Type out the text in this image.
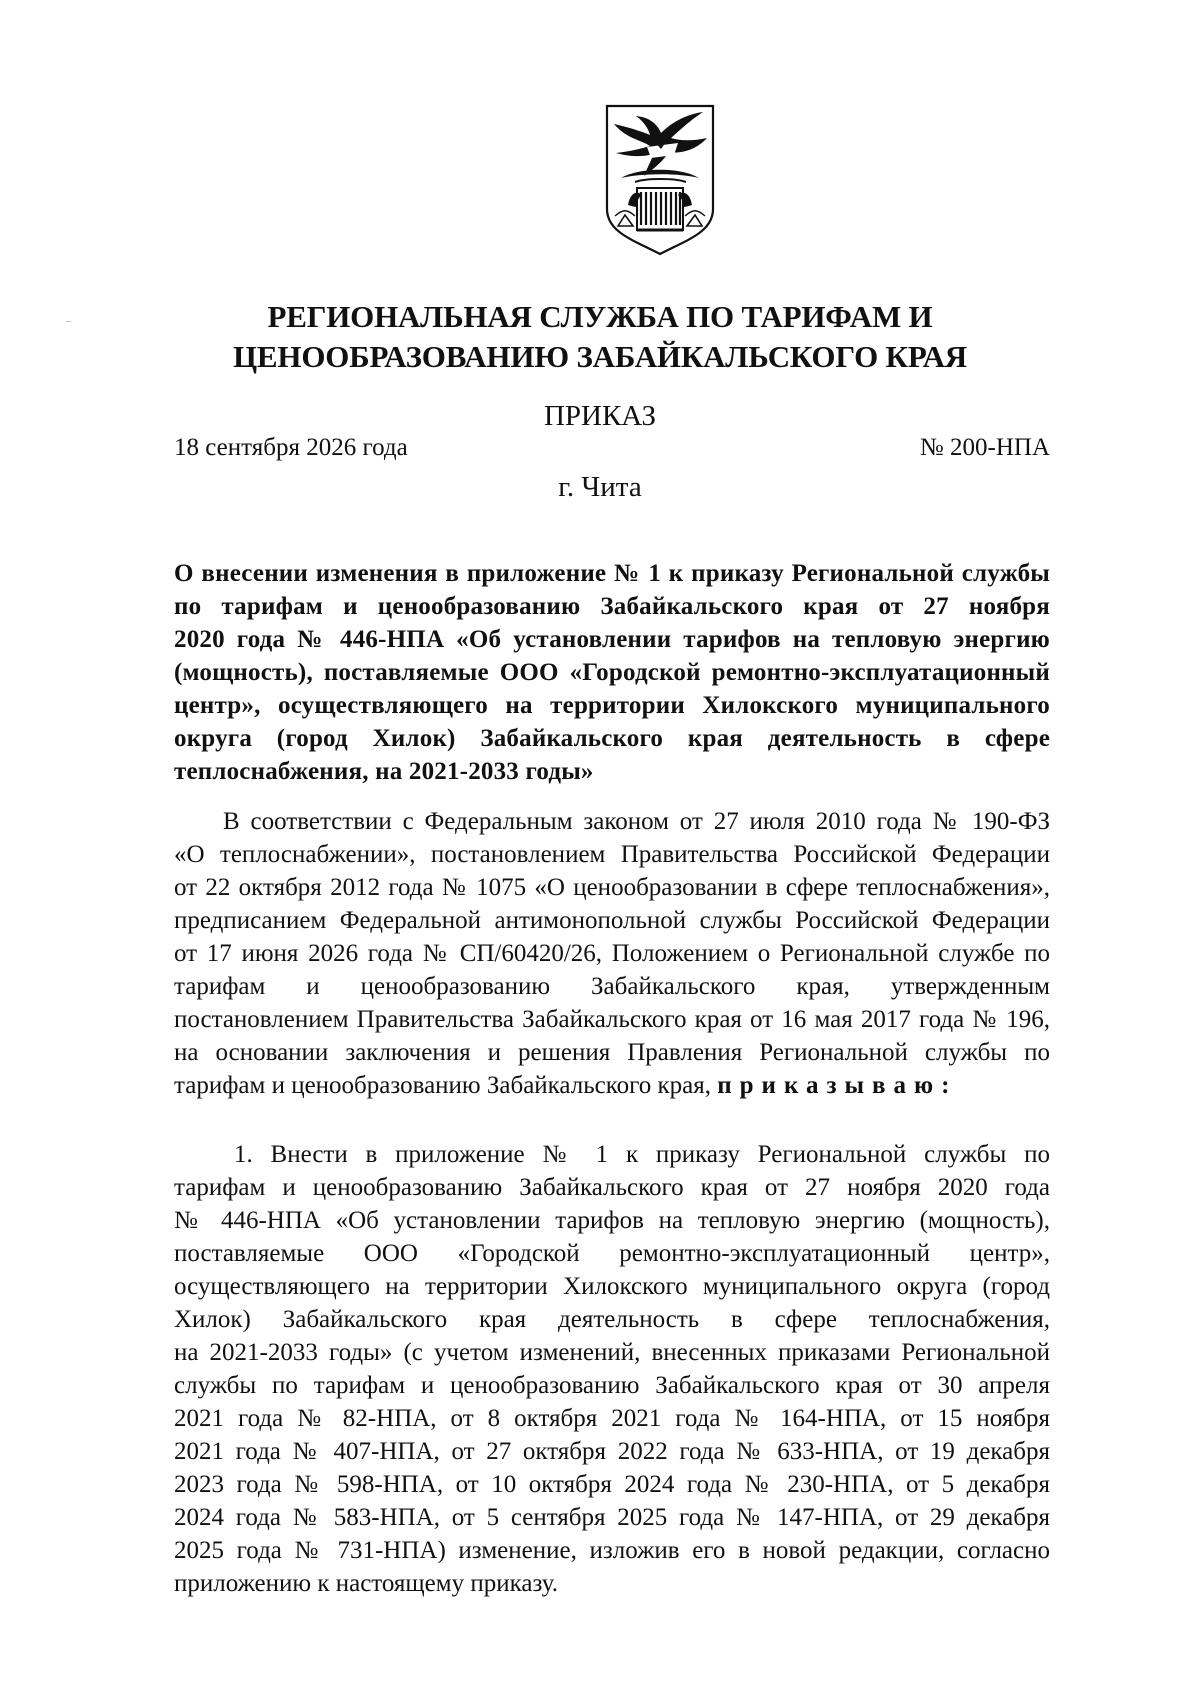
РЕГИОНАЛЬНАЯ СЛУЖБА ПО ТАРИФАМ И
ЦЕНООБРАЗОВАНИЮ ЗАБАЙКАЛЬСКОГО КРАЯ
ПРИКАЗ
18 сентября 2026 года	№ 200-НПА
г. Чита
О внесении изменения в приложение № 1 к приказу Региональной службы
по тарифам и ценообразованию Забайкальского края от 27 ноября
2020 года № 446-НПА «Об установлении тарифов на тепловую энергию
(мощность), поставляемые ООО «Городской ремонтно-эксплуатационный
центр», осуществляющего на территории Хилокского муниципального
округа (город Хилок) Забайкальского края деятельность в сфере
теплоснабжения, на 2021-2033 годы»
В соответствии с Федеральным законом от 27 июля 2010 года № 190-ФЗ
«О теплоснабжении», постановлением Правительства Российской Федерации
от 22 октября 2012 года № 1075 «О ценообразовании в сфере теплоснабжения»,
предписанием Федеральной антимонопольной службы Российской Федерации
от 17 июня 2026 года № СП/60420/26, Положением о Региональной службе по
тарифам и ценообразованию Забайкальского края, утвержденным
постановлением Правительства Забайкальского края от 16 мая 2017 года № 196,
на основании заключения и решения Правления Региональной службы по
тарифам и ценообразованию Забайкальского края, приказываю:
1. Внести в приложение № 1 к приказу Региональной службы по
тарифам и ценообразованию Забайкальского края от 27 ноября 2020 года
№ 446-НПА «Об установлении тарифов на тепловую энергию (мощность),
поставляемые ООО «Городской ремонтно-эксплуатационный центр»,
осуществляющего на территории Хилокского муниципального округа (город
Хилок) Забайкальского края деятельность в сфере теплоснабжения,
на 2021-2033 годы» (с учетом изменений, внесенных приказами Региональной
службы по тарифам и ценообразованию Забайкальского края от 30 апреля
2021 года № 82-НПА, от 8 октября 2021 года № 164-НПА, от 15 ноября
2021 года № 407-НПА, от 27 октября 2022 года № 633-НПА, от 19 декабря
2023 года № 598-НПА, от 10 октября 2024 года № 230-НПА, от 5 декабря
2024 года № 583-НПА, от 5 сентября 2025 года № 147-НПА, от 29 декабря
2025 года № 731-НПА) изменение, изложив его в новой редакции, согласно
приложению к настоящему приказу.
